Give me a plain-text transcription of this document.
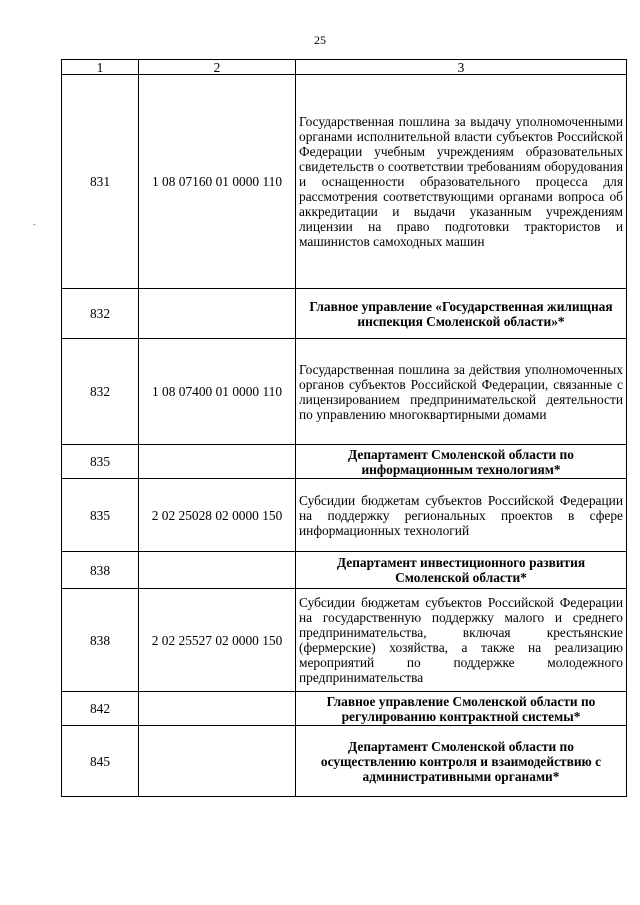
25
-
1	2	3
831	1 08 07160 01 0000 110	Государственная пошлина за выдачу уполномоченными органами исполнительной власти субъектов Российской Федерации учебным учреждениям образовательных свидетельств о соответствии требованиям оборудования и оснащенности образовательного процесса для рассмотрения соответствующими органами вопроса об аккредитации и выдачи указанным учреждениям лицензии на право подготовки трактористов и машинистов самоходных машин
832		Главное управление «Государственная жилищная инспекция Смоленской области»*
832	1 08 07400 01 0000 110	Государственная пошлина за действия уполномоченных органов субъектов Российской Федерации, связанные с лицензированием предпринимательской деятельности по управлению многоквартирными домами
835		Департамент Смоленской области по информационным технологиям*
835	2 02 25028 02 0000 150	Субсидии бюджетам субъектов Российской Федерации на поддержку региональных проектов в сфере информационных технологий
838		Департамент инвестиционного развития Смоленской области*
838	2 02 25527 02 0000 150	Субсидии бюджетам субъектов Российской Федерации на государственную поддержку малого и среднего предпринимательства, включая крестьянские (фермерские) хозяйства, а также на реализацию мероприятий по поддержке молодежного предпринимательства
842		Главное управление Смоленской области по регулированию контрактной системы*
845		Департамент Смоленской области по осуществлению контроля и взаимодействию с административными органами*
